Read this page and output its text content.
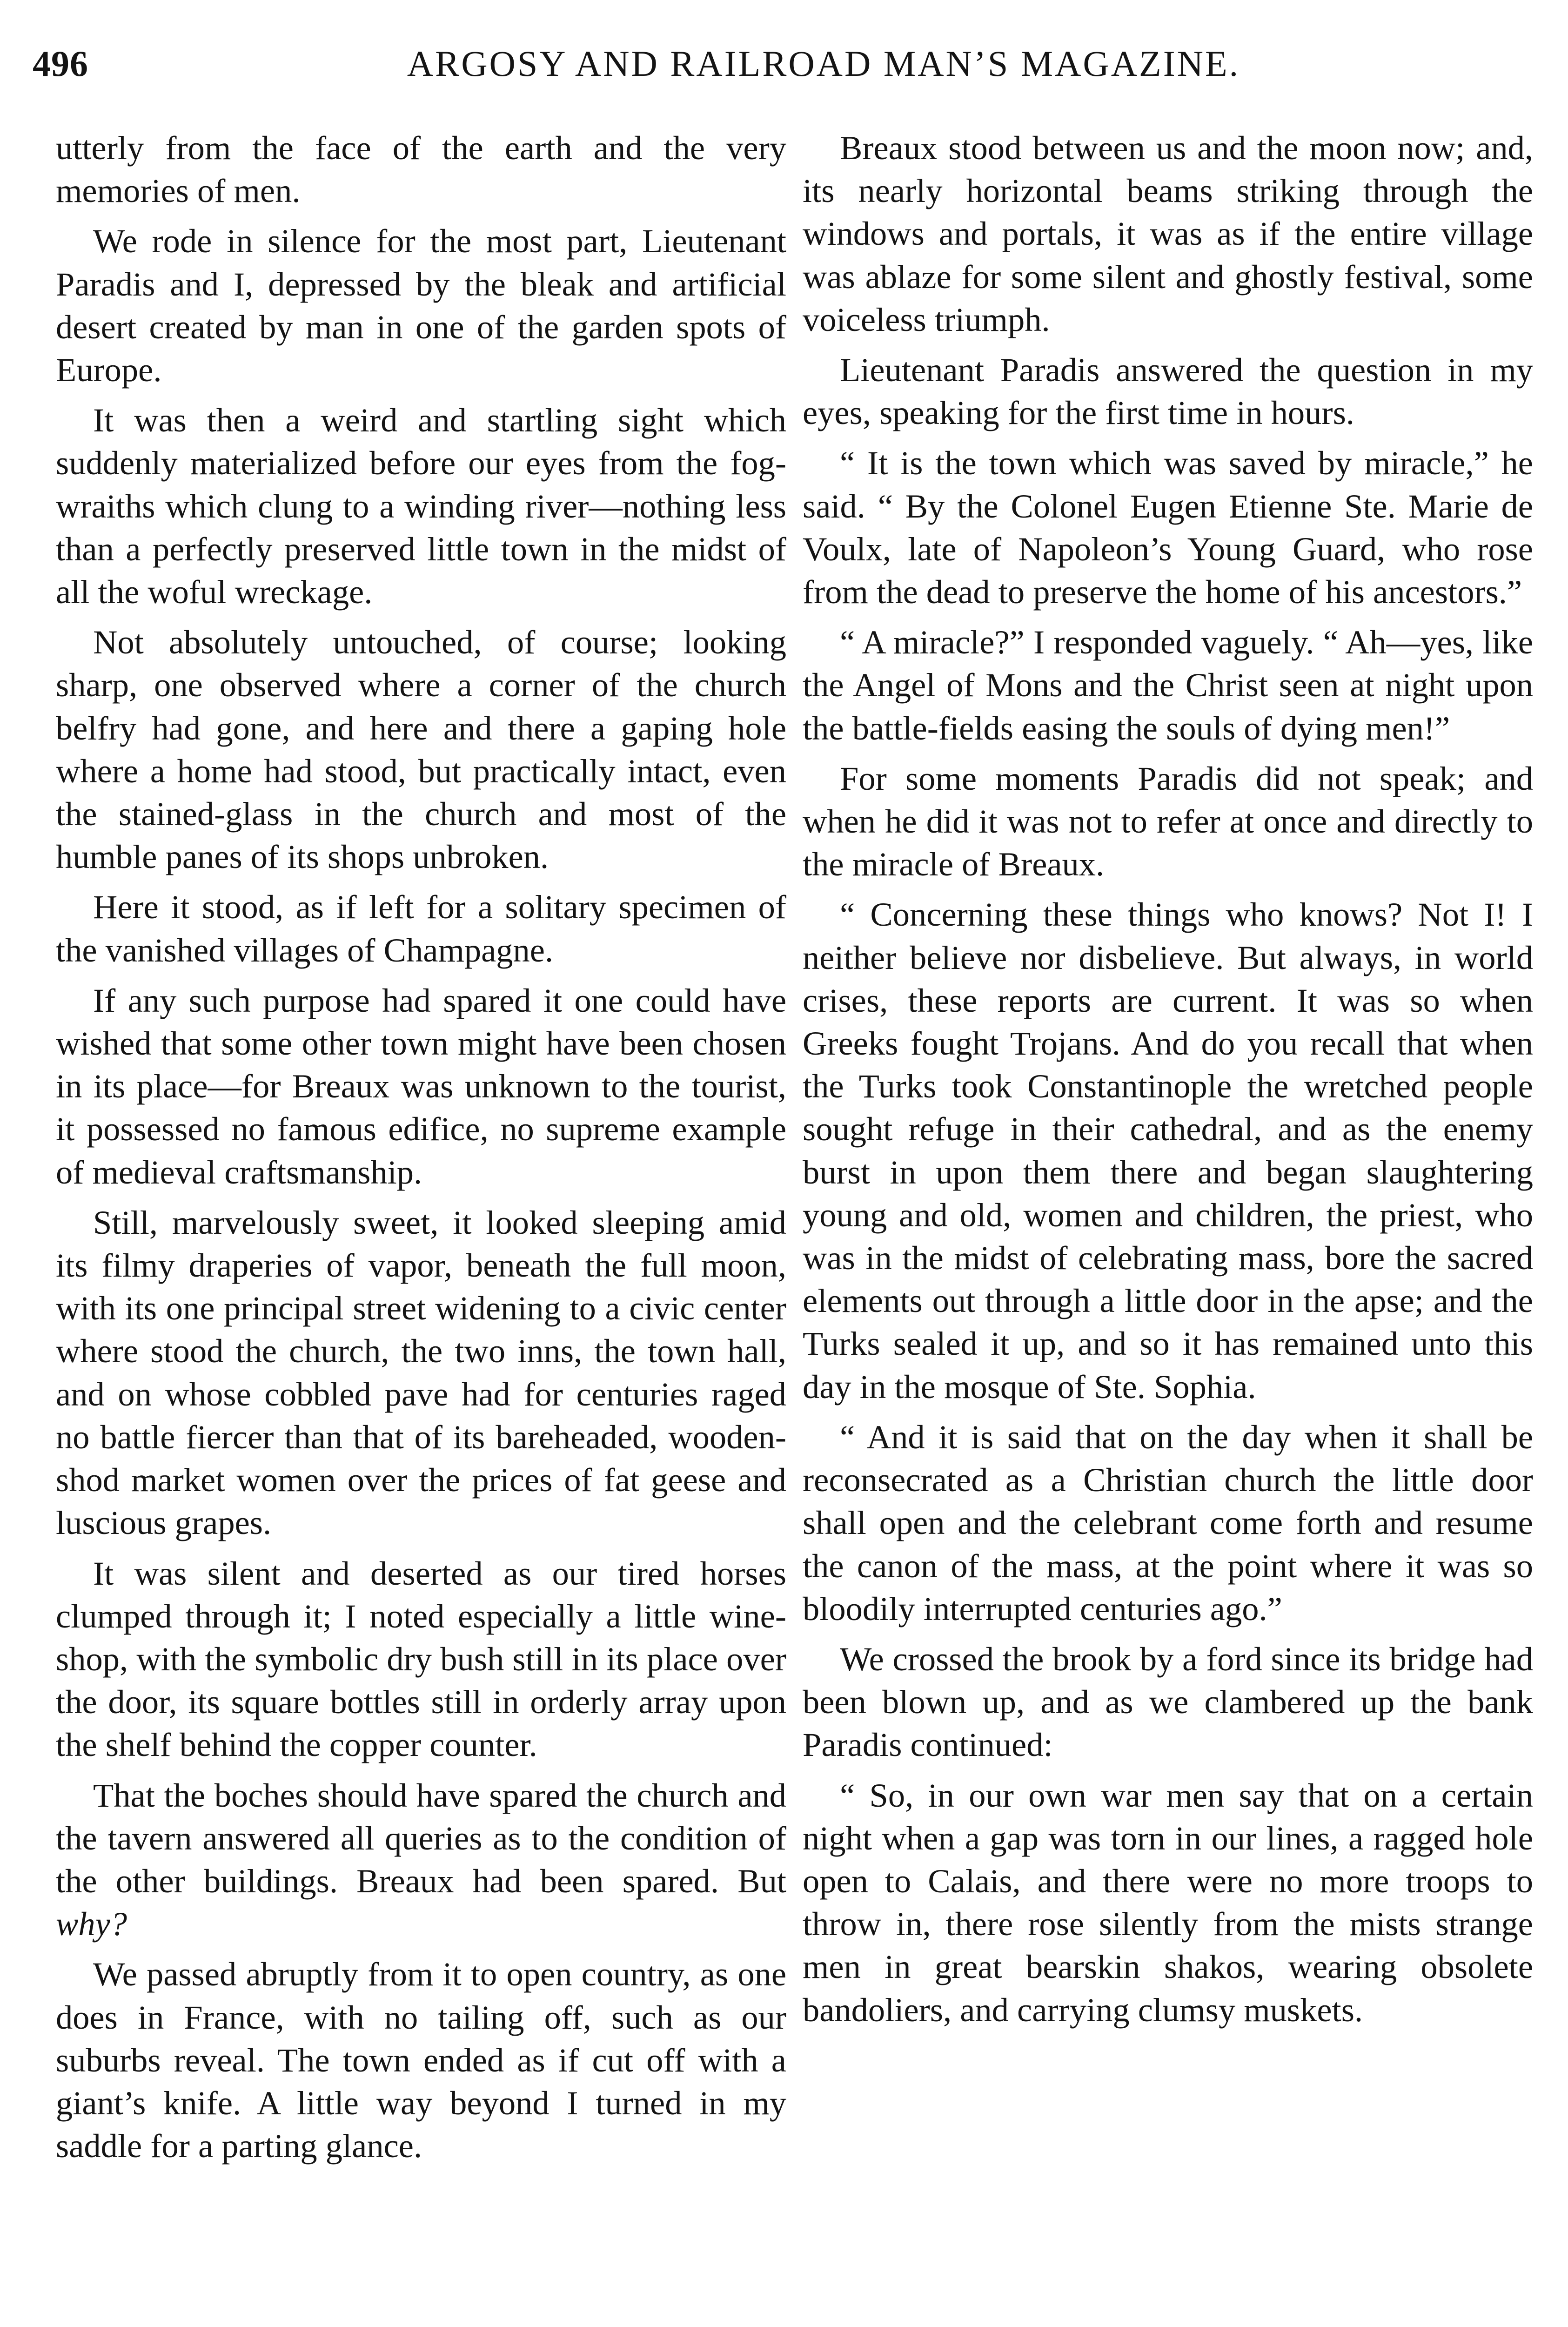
496	ARGOSY AND RAILROAD MAN’S MAGAZINE.

utterly from the face of the earth and the very memories of men.

We rode in silence for the most part, Lieutenant Paradis and I, depressed by the bleak and artificial desert created by man in one of the garden spots of Europe.

It was then a weird and startling sight which suddenly materialized before our eyes from the fog-wraiths which clung to a winding river—nothing less than a perfectly preserved little town in the midst of all the woful wreckage.

Not absolutely untouched, of course; looking sharp, one observed where a corner of the church belfry had gone, and here and there a gaping hole where a home had stood, but practically intact, even the stained-glass in the church and most of the humble panes of its shops unbroken.

Here it stood, as if left for a solitary specimen of the vanished villages of Champagne.

If any such purpose had spared it one could have wished that some other town might have been chosen in its place—for Breaux was unknown to the tourist, it possessed no famous edifice, no supreme example of medieval craftsmanship.

Still, marvelously sweet, it looked sleeping amid its filmy draperies of vapor, beneath the full moon, with its one principal street widening to a civic center where stood the church, the two inns, the town hall, and on whose cobbled pave had for centuries raged no battle fiercer than that of its bareheaded, wooden-shod market women over the prices of fat geese and luscious grapes.

It was silent and deserted as our tired horses clumped through it; I noted especially a little wine-shop, with the symbolic dry bush still in its place over the door, its square bottles still in orderly array upon the shelf behind the copper counter.

That the boches should have spared the church and the tavern answered all queries as to the condition of the other buildings. Breaux had been spared. But why?

We passed abruptly from it to open country, as one does in France, with no tailing off, such as our suburbs reveal. The town ended as if cut off with a giant’s knife. A little way beyond I turned in my saddle for a parting glance.

Breaux stood between us and the moon now; and, its nearly horizontal beams striking through the windows and portals, it was as if the entire village was ablaze for some silent and ghostly festival, some voiceless triumph.

Lieutenant Paradis answered the question in my eyes, speaking for the first time in hours.

“ It is the town which was saved by miracle,” he said. “ By the Colonel Eugen Etienne Ste. Marie de Voulx, late of Napoleon’s Young Guard, who rose from the dead to preserve the home of his ancestors.”

“ A miracle?” I responded vaguely. “ Ah—yes, like the Angel of Mons and the Christ seen at night upon the battle-fields easing the souls of dying men!”

For some moments Paradis did not speak; and when he did it was not to refer at once and directly to the miracle of Breaux.

“ Concerning these things who knows? Not I! I neither believe nor disbelieve. But always, in world crises, these reports are current. It was so when Greeks fought Trojans. And do you recall that when the Turks took Constantinople the wretched people sought refuge in their cathedral, and as the enemy burst in upon them there and began slaughtering young and old, women and children, the priest, who was in the midst of celebrating mass, bore the sacred elements out through a little door in the apse; and the Turks sealed it up, and so it has remained unto this day in the mosque of Ste. Sophia.

“ And it is said that on the day when it shall be reconsecrated as a Christian church the little door shall open and the celebrant come forth and resume the canon of the mass, at the point where it was so bloodily interrupted centuries ago.”

We crossed the brook by a ford since its bridge had been blown up, and as we clambered up the bank Paradis continued:

“ So, in our own war men say that on a certain night when a gap was torn in our lines, a ragged hole open to Calais, and there were no more troops to throw in, there rose silently from the mists strange men in great bearskin shakos, wearing obsolete bandoliers, and carrying clumsy muskets.
